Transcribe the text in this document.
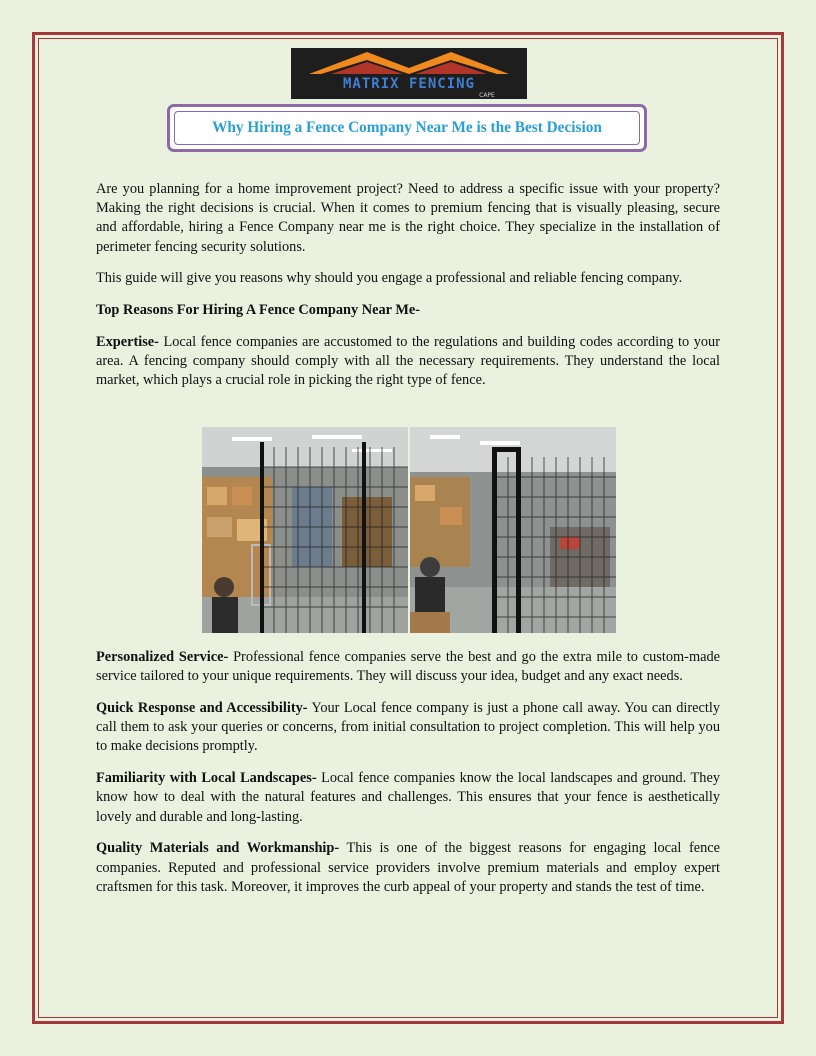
MATRIX FENCING
CAPE
Why Hiring a Fence Company Near Me is the Best Decision

Are you planning for a home improvement project? Need to address a specific issue with your property? Making the right decisions is crucial. When it comes to premium fencing that is visually pleasing, secure and affordable, hiring a Fence Company near me is the right choice. They specialize in the installation of perimeter fencing security solutions.

This guide will give you reasons why should you engage a professional and reliable fencing company.

Top Reasons For Hiring A Fence Company Near Me-

Expertise- Local fence companies are accustomed to the regulations and building codes according to your area. A fencing company should comply with all the necessary requirements. They understand the local market, which plays a crucial role in picking the right type of fence.

Personalized Service- Professional fence companies serve the best and go the extra mile to custom-made service tailored to your unique requirements. They will discuss your idea, budget and any exact needs.

Quick Response and Accessibility- Your Local fence company is just a phone call away. You can directly call them to ask your queries or concerns, from initial consultation to project completion. This will help you to make decisions promptly.

Familiarity with Local Landscapes- Local fence companies know the local landscapes and ground. They know how to deal with the natural features and challenges. This ensures that your fence is aesthetically lovely and durable and long-lasting.

Quality Materials and Workmanship- This is one of the biggest reasons for engaging local fence companies. Reputed and professional service providers involve premium materials and employ expert craftsmen for this task. Moreover, it improves the curb appeal of your property and stands the test of time.
